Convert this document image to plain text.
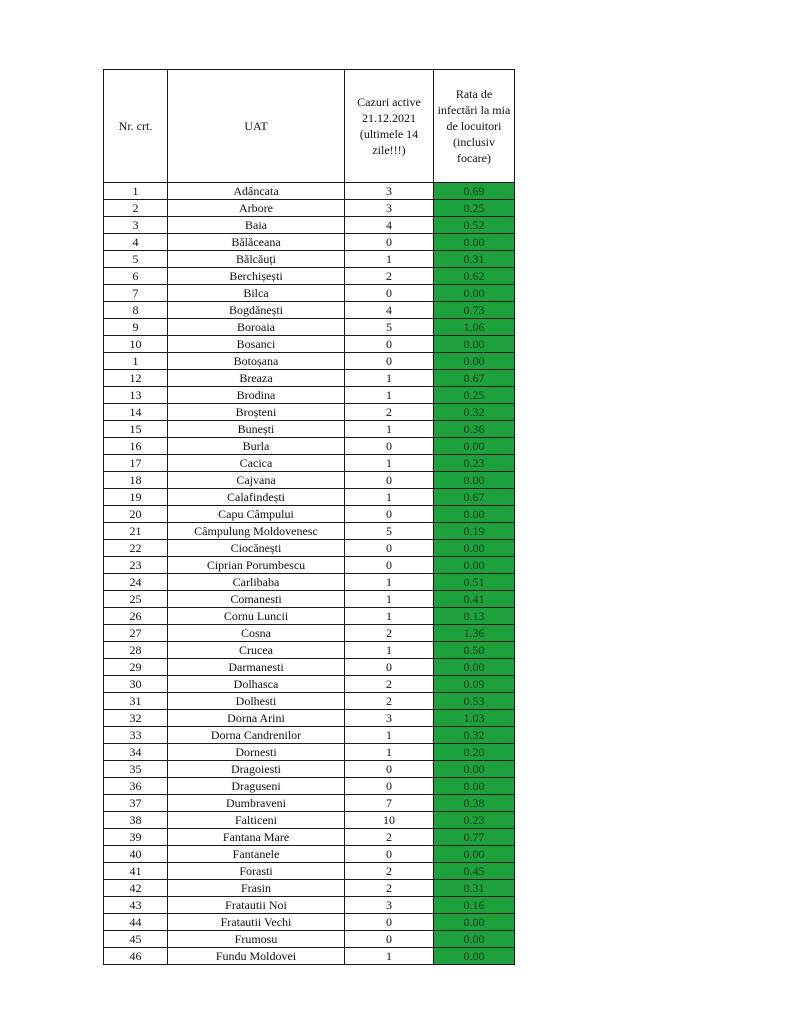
Nr. crt.	UAT	Cazuri active 21.12.2021 (ultimele 14 zile!!!)	Rata de infectări la mia de locuitori (inclusiv focare)
1	Adâncata	3	0.69
2	Arbore	3	0.25
3	Baia	4	0.52
4	Bălăceana	0	0.00
5	Bălcăuți	1	0.31
6	Berchișești	2	0.62
7	Bilca	0	0.00
8	Bogdănești	4	0.73
9	Boroaia	5	1.06
10	Bosanci	0	0.00
1	Botoșana	0	0.00
12	Breaza	1	0.67
13	Brodina	1	0.25
14	Broșteni	2	0.32
15	Bunești	1	0.36
16	Burla	0	0.00
17	Cacica	1	0.23
18	Cajvana	0	0.00
19	Calafindești	1	0.67
20	Capu Câmpului	0	0.00
21	Câmpulung Moldovenesc	5	0.19
22	Ciocănești	0	0.00
23	Ciprian Porumbescu	0	0.00
24	Carlibaba	1	0.51
25	Comanesti	1	0.41
26	Cornu Luncii	1	0.13
27	Cosna	2	1.36
28	Crucea	1	0.50
29	Darmanesti	0	0.00
30	Dolhasca	2	0.09
31	Dolhesti	2	0.53
32	Dorna Arini	3	1.03
33	Dorna Candrenilor	1	0.32
34	Dornesti	1	0.20
35	Dragoiesti	0	0.00
36	Draguseni	0	0.00
37	Dumbraveni	7	0.38
38	Falticeni	10	0.23
39	Fantana Mare	2	0.77
40	Fantanele	0	0.00
41	Forasti	2	0.45
42	Frasin	2	0.31
43	Fratautii Noi	3	0.16
44	Fratautii Vechi	0	0.00
45	Frumosu	0	0.00
46	Fundu Moldovei	1	0.00
